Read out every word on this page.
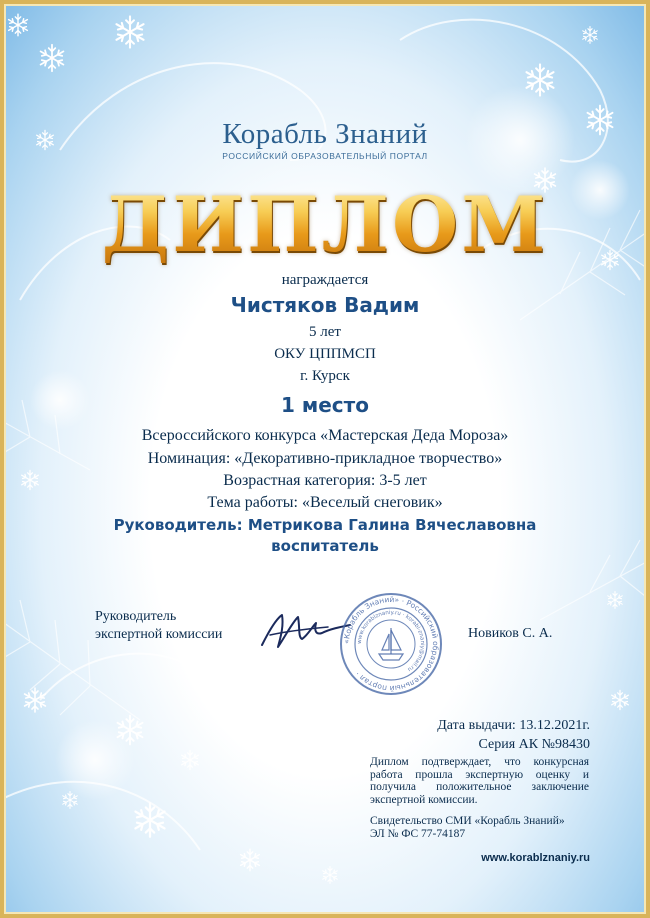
Корабль Знаний
РОССИЙСКИЙ ОБРАЗОВАТЕЛЬНЫЙ ПОРТАЛ
ДИПЛОМ
награждается
Чистяков Вадим
5 лет
ОКУ ЦППМСП
г. Курск
1 место
Всероссийского конкурса «Мастерская Деда Мороза»
Номинация: «Декоративно-прикладное творчество»
Возрастная категория: 3-5 лет
Тема работы: «Веселый снеговик»
Руководитель: Метрикова Галина Вячеславовна
воспитатель
Руководитель
экспертной комиссии	«Корабль Знаний» · Российский образовательный портал ·
www.korablznaniy.ru · korabl-znaniy@mail.ru
Новиков С. А.
Дата выдачи: 13.12.2021г.
Серия АК №98430
Диплом подтверждает, что конкурсная работа прошла экспертную оценку и получила положительное заключение экспертной комиссии.
Свидетельство СМИ «Корабль Знаний»
ЭЛ № ФС 77-74187
www.korablznaniy.ru
